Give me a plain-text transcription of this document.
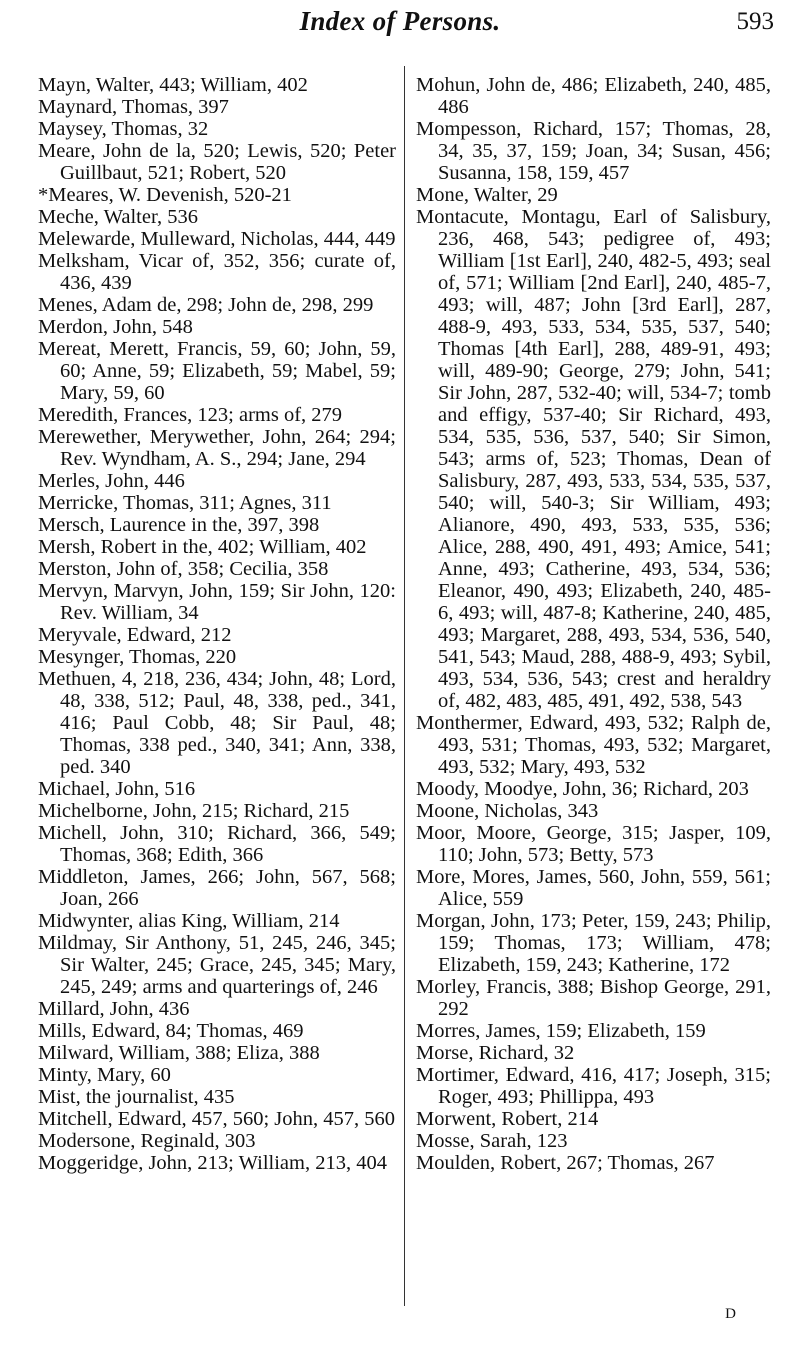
Index of Persons.	593

Mayn, Walter, 443; William, 402

Maynard, Thomas, 397

Maysey, Thomas, 32

Meare, John de la, 520; Lewis, 520; Peter Guillbaut, 521; Robert, 520

*Meares, W. Devenish, 520-21

Meche, Walter, 536

Melewarde, Mulleward, Nicholas, 444, 449

Melksham, Vicar of, 352, 356; curate of, 436, 439

Menes, Adam de, 298; John de, 298, 299

Merdon, John, 548

Mereat, Merett, Francis, 59, 60; John, 59, 60; Anne, 59; Elizabeth, 59; Mabel, 59; Mary, 59, 60

Meredith, Frances, 123; arms of, 279

Merewether, Merywether, John, 264; 294; Rev. Wyndham, A. S., 294; Jane, 294

Merles, John, 446

Merricke, Thomas, 311; Agnes, 311

Mersch, Laurence in the, 397, 398

Mersh, Robert in the, 402; William, 402

Merston, John of, 358; Cecilia, 358

Mervyn, Marvyn, John, 159; Sir John, 120: Rev. William, 34

Meryvale, Edward, 212

Mesynger, Thomas, 220

Methuen, 4, 218, 236, 434; John, 48; Lord, 48, 338, 512; Paul, 48, 338, ped., 341, 416; Paul Cobb, 48; Sir Paul, 48; Thomas, 338 ped., 340, 341; Ann, 338, ped. 340

Michael, John, 516

Michelborne, John, 215; Richard, 215

Michell, John, 310; Richard, 366, 549; Thomas, 368; Edith, 366

Middleton, James, 266; John, 567, 568; Joan, 266

Midwynter, alias King, William, 214

Mildmay, Sir Anthony, 51, 245, 246, 345; Sir Walter, 245; Grace, 245, 345; Mary, 245, 249; arms and quarterings of, 246

Millard, John, 436

Mills, Edward, 84; Thomas, 469

Milward, William, 388; Eliza, 388

Minty, Mary, 60

Mist, the journalist, 435

Mitchell, Edward, 457, 560; John, 457, 560

Modersone, Reginald, 303

Moggeridge, John, 213; William, 213, 404

Mohun, John de, 486; Elizabeth, 240, 485, 486

Mompesson, Richard, 157; Thomas, 28, 34, 35, 37, 159; Joan, 34; Susan, 456; Susanna, 158, 159, 457

Mone, Walter, 29

Montacute, Montagu, Earl of Salisbury, 236, 468, 543; pedigree of, 493; William [1st Earl], 240, 482-5, 493; seal of, 571; William [2nd Earl], 240, 485-7, 493; will, 487; John [3rd Earl], 287, 488-9, 493, 533, 534, 535, 537, 540; Thomas [4th Earl], 288, 489-91, 493; will, 489-90; George, 279; John, 541; Sir John, 287, 532-40; will, 534-7; tomb and effigy, 537-40; Sir Richard, 493, 534, 535, 536, 537, 540; Sir Simon, 543; arms of, 523; Thomas, Dean of Salisbury, 287, 493, 533, 534, 535, 537, 540; will, 540-3; Sir William, 493; Alianore, 490, 493, 533, 535, 536; Alice, 288, 490, 491, 493; Amice, 541; Anne, 493; Catherine, 493, 534, 536; Eleanor, 490, 493; Elizabeth, 240, 485-6, 493; will, 487-8; Katherine, 240, 485, 493; Margaret, 288, 493, 534, 536, 540, 541, 543; Maud, 288, 488-9, 493; Sybil, 493, 534, 536, 543; crest and heraldry of, 482, 483, 485, 491, 492, 538, 543

Monthermer, Edward, 493, 532; Ralph de, 493, 531; Thomas, 493, 532; Margaret, 493, 532; Mary, 493, 532

Moody, Moodye, John, 36; Richard, 203

Moone, Nicholas, 343

Moor, Moore, George, 315; Jasper, 109, 110; John, 573; Betty, 573

More, Mores, James, 560, John, 559, 561; Alice, 559

Morgan, John, 173; Peter, 159, 243; Philip, 159; Thomas, 173; William, 478; Elizabeth, 159, 243; Katherine, 172

Morley, Francis, 388; Bishop George, 291, 292

Morres, James, 159; Elizabeth, 159

Morse, Richard, 32

Mortimer, Edward, 416, 417; Joseph, 315; Roger, 493; Phillippa, 493

Morwent, Robert, 214

Mosse, Sarah, 123

Moulden, Robert, 267; Thomas, 267

D
